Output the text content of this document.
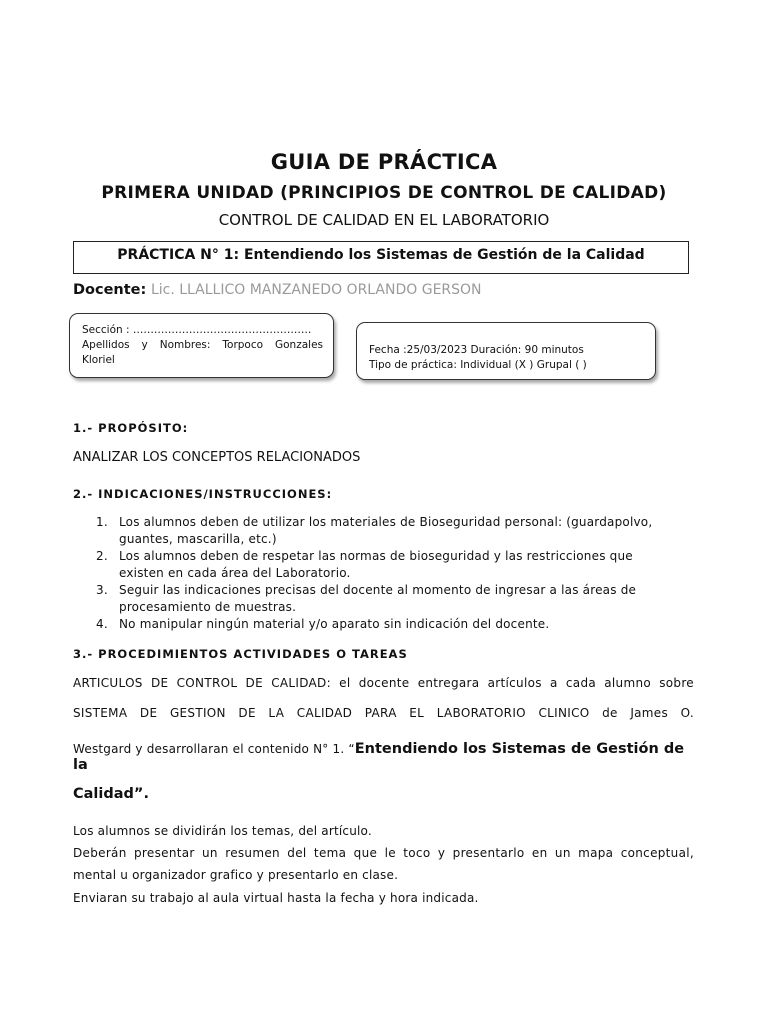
GUIA DE PRÁCTICA
PRIMERA UNIDAD (PRINCIPIOS DE CONTROL DE CALIDAD)
CONTROL DE CALIDAD EN EL LABORATORIO
PRÁCTICA N° 1: Entendiendo los Sistemas de Gestión de la Calidad
Docente: Lic. LLALLICO MANZANEDO ORLANDO GERSON
Sección : ……………………………………………
Apellidos y Nombres: Torpoco Gonzales
Kloriel
Fecha :25/03/2023 Duración: 90 minutos
Tipo de práctica: Individual (X ) Grupal ( )
1.- PROPÓSITO:
ANALIZAR LOS CONCEPTOS RELACIONADOS
2.- INDICACIONES/INSTRUCCIONES:
1. Los alumnos deben de utilizar los materiales de Bioseguridad personal: (guardapolvo,
guantes, mascarilla, etc.)
2. Los alumnos deben de respetar las normas de bioseguridad y las restricciones que
existen en cada área del Laboratorio.
3. Seguir las indicaciones precisas del docente al momento de ingresar a las áreas de
procesamiento de muestras.
4. No manipular ningún material y/o aparato sin indicación del docente.
3.- PROCEDIMIENTOS ACTIVIDADES O TAREAS
ARTICULOS DE CONTROL DE CALIDAD: el docente entregara artículos a cada alumno sobre
SISTEMA DE GESTION DE LA CALIDAD PARA EL LABORATORIO CLINICO de James O.
Westgard y desarrollaran el contenido N° 1. “Entendiendo los Sistemas de Gestión de la
Calidad”.
Los alumnos se dividirán los temas, del artículo.
Deberán presentar un resumen del tema que le toco y presentarlo en un mapa conceptual,
mental u organizador grafico y presentarlo en clase.
Enviaran su trabajo al aula virtual hasta la fecha y hora indicada.
